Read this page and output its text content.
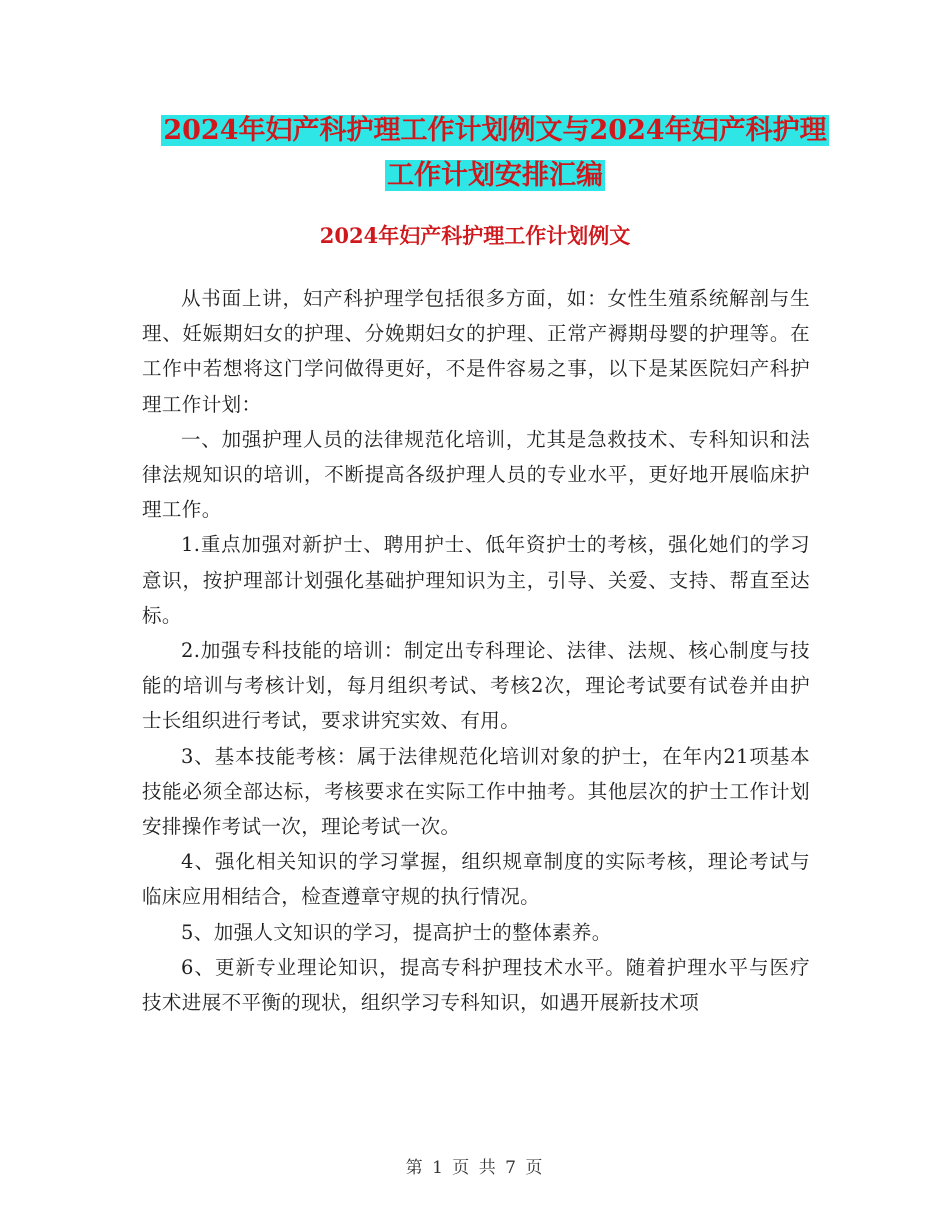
2024年妇产科护理工作计划例文与2024年妇产科护理
工作计划安排汇编
2024年妇产科护理工作计划例文

从书面上讲，妇产科护理学包括很多方面，如：女性生殖系统解剖与生理、妊娠期妇女的护理、分娩期妇女的护理、正常产褥期母婴的护理等。在工作中若想将这门学问做得更好，不是件容易之事，以下是某医院妇产科护理工作计划：

一、加强护理人员的法律规范化培训，尤其是急救技术、专科知识和法律法规知识的培训，不断提高各级护理人员的专业水平，更好地开展临床护理工作。

1.重点加强对新护士、聘用护士、低年资护士的考核，强化她们的学习意识，按护理部计划强化基础护理知识为主，引导、关爱、支持、帮直至达标。

2.加强专科技能的培训：制定出专科理论、法律、法规、核心制度与技能的培训与考核计划，每月组织考试、考核2次，理论考试要有试卷并由护士长组织进行考试，要求讲究实效、有用。

3、基本技能考核：属于法律规范化培训对象的护士，在年内21项基本技能必须全部达标，考核要求在实际工作中抽考。其他层次的护士工作计划安排操作考试一次，理论考试一次。

4、强化相关知识的学习掌握，组织规章制度的实际考核，理论考试与临床应用相结合，检查遵章守规的执行情况。

5、加强人文知识的学习，提高护士的整体素养。

6、更新专业理论知识，提高专科护理技术水平。随着护理水平与医疗技术进展不平衡的现状，组织学习专科知识，如遇开展新技术项

第 1 页 共 7 页
